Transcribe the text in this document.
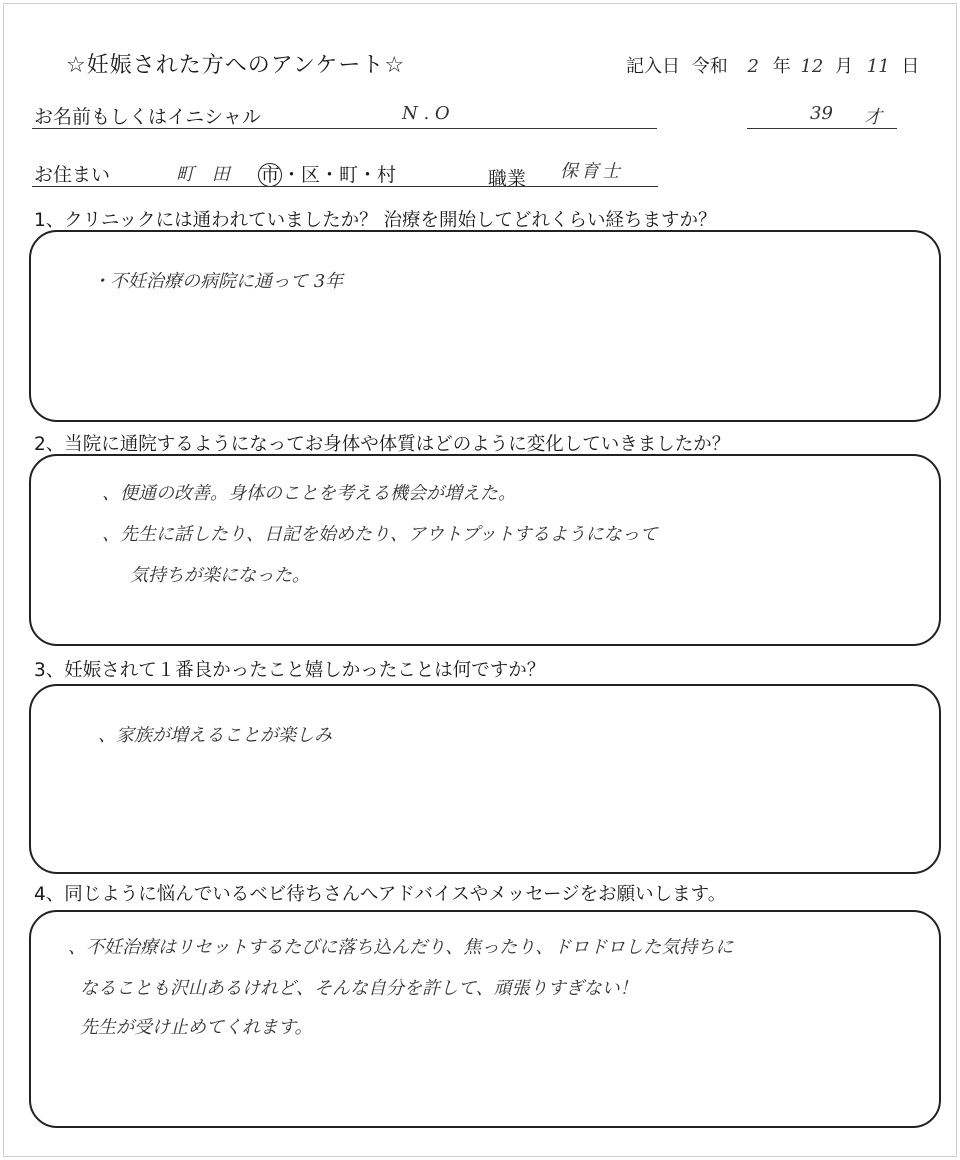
☆妊娠された方へのアンケート☆	記入日 令和 2 年 12 月 11 日
お名前もしくはイニシャル	N . O	39 才
お住まい	町 田 市 ・区・町・村	職業 保育士
1、クリニックには通われていましたか？ 治療を開始してどれくらい経ちますか？
・不妊治療の病院に通って 3年
2、当院に通院するようになってお身体や体質はどのように変化していきましたか？
、便通の改善。身体のことを考える機会が増えた。
、先生に話したり、日記を始めたり、アウトプットするようになって
気持ちが楽になった。
3、妊娠されて１番良かったこと嬉しかったことは何ですか？
、家族が増えることが楽しみ
4、同じように悩んでいるベビ待ちさんへアドバイスやメッセージをお願いします。
、不妊治療はリセットするたびに落ち込んだり、焦ったり、ドロドロした気持ちに
なることも沢山あるけれど、そんな自分を許して、頑張りすぎない！
先生が受け止めてくれます。
